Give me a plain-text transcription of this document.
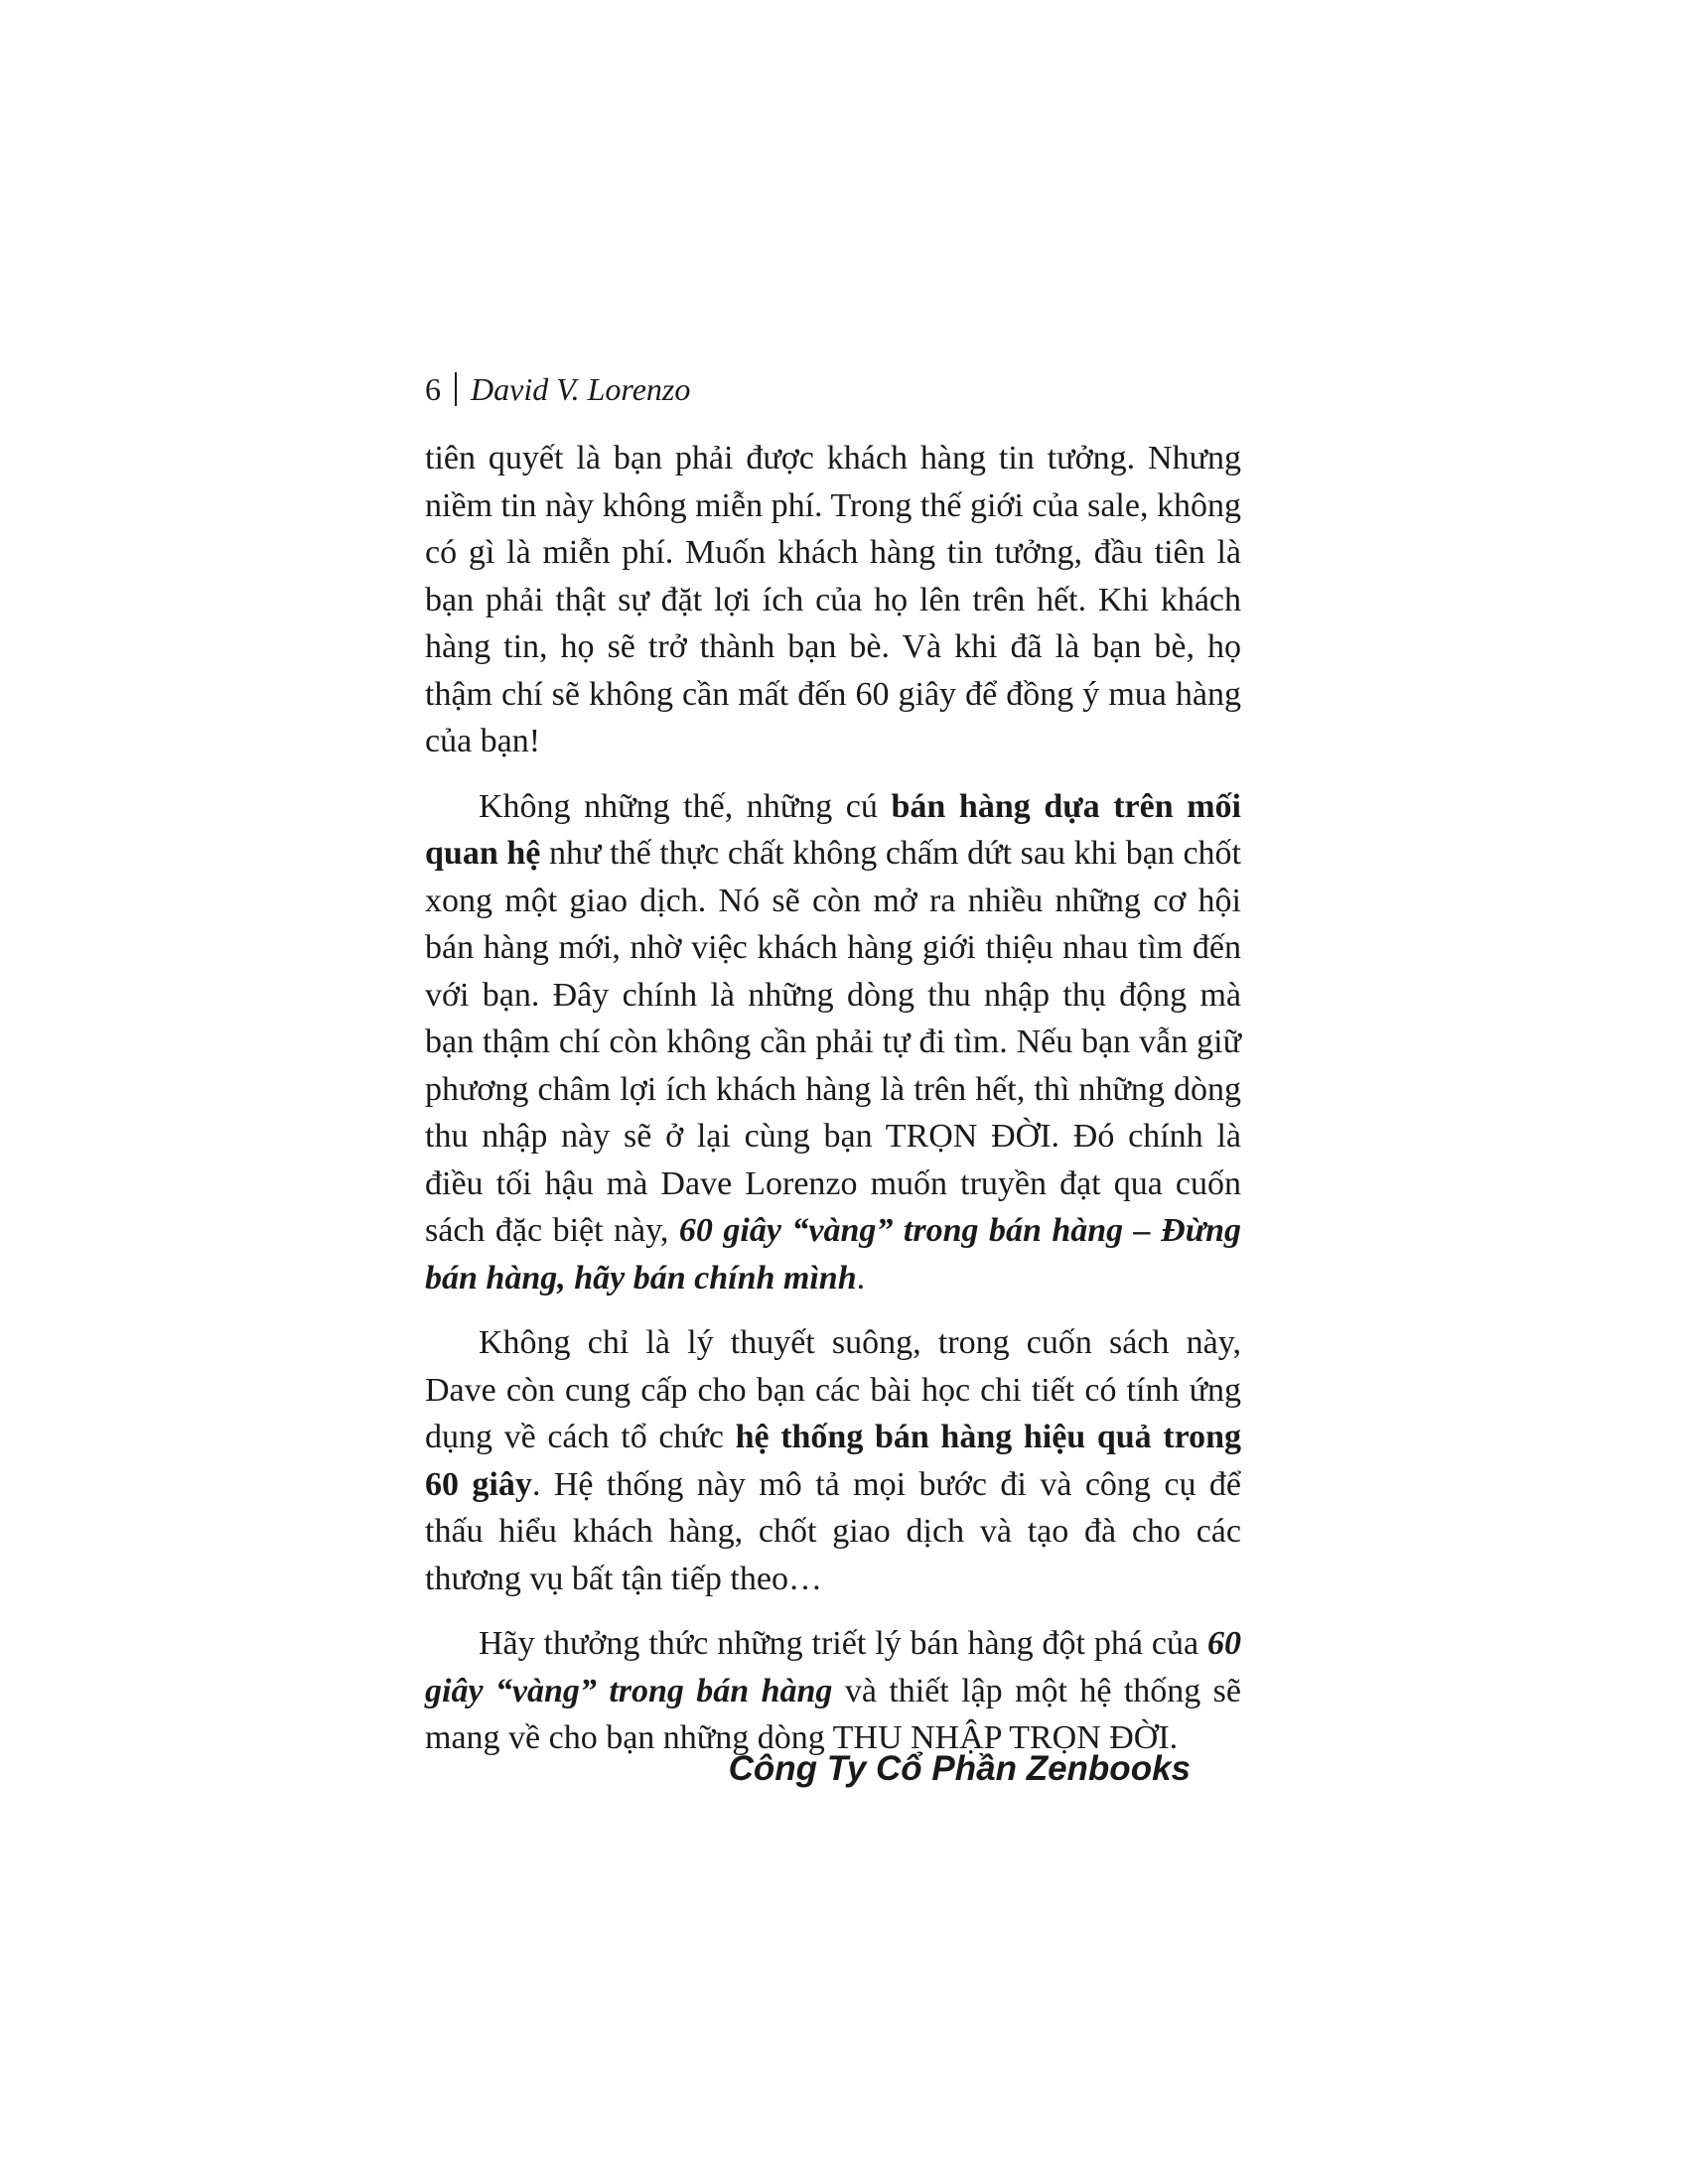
6 David V. Lorenzo

tiên quyết là bạn phải được khách hàng tin tưởng. Nhưng niềm tin này không miễn phí. Trong thế giới của sale, không có gì là miễn phí. Muốn khách hàng tin tưởng, đầu tiên là bạn phải thật sự đặt lợi ích của họ lên trên hết. Khi khách hàng tin, họ sẽ trở thành bạn bè. Và khi đã là bạn bè, họ thậm chí sẽ không cần mất đến 60 giây để đồng ý mua hàng của bạn!

Không những thế, những cú bán hàng dựa trên mối quan hệ như thế thực chất không chấm dứt sau khi bạn chốt xong một giao dịch. Nó sẽ còn mở ra nhiều những cơ hội bán hàng mới, nhờ việc khách hàng giới thiệu nhau tìm đến với bạn. Đây chính là những dòng thu nhập thụ động mà bạn thậm chí còn không cần phải tự đi tìm. Nếu bạn vẫn giữ phương châm lợi ích khách hàng là trên hết, thì những dòng thu nhập này sẽ ở lại cùng bạn TRỌN ĐỜI. Đó chính là điều tối hậu mà Dave Lorenzo muốn truyền đạt qua cuốn sách đặc biệt này, 60 giây “vàng” trong bán hàng – Đừng bán hàng, hãy bán chính mình.

Không chỉ là lý thuyết suông, trong cuốn sách này, Dave còn cung cấp cho bạn các bài học chi tiết có tính ứng dụng về cách tổ chức hệ thống bán hàng hiệu quả trong 60 giây. Hệ thống này mô tả mọi bước đi và công cụ để thấu hiểu khách hàng, chốt giao dịch và tạo đà cho các thương vụ bất tận tiếp theo…

Hãy thưởng thức những triết lý bán hàng đột phá của 60 giây “vàng” trong bán hàng và thiết lập một hệ thống sẽ mang về cho bạn những dòng THU NHẬP TRỌN ĐỜI.

Công Ty Cổ Phần Zenbooks
